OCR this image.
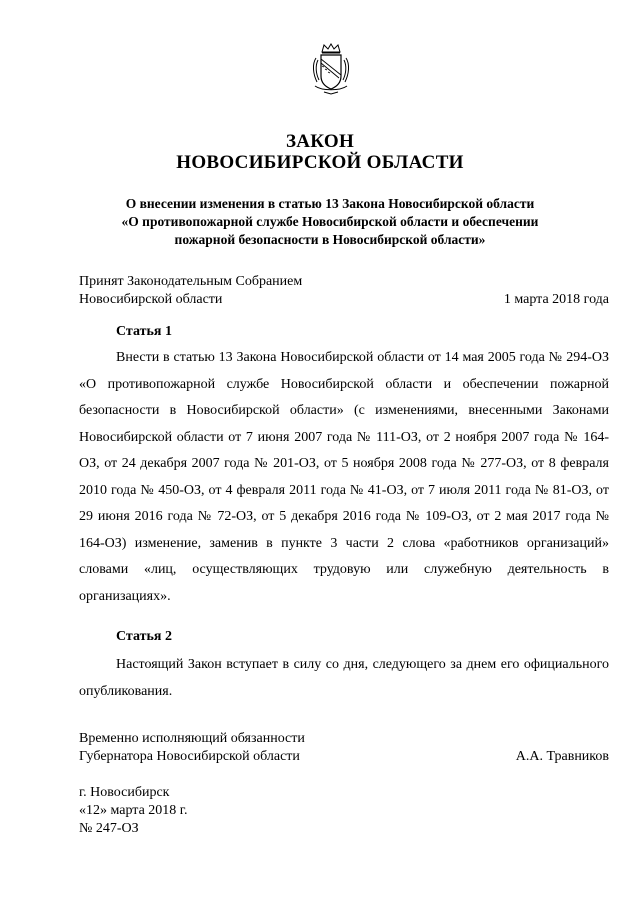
ЗАКОН
НОВОСИБИРСКОЙ ОБЛАСТИ
О внесении изменения в статью 13 Закона Новосибирской области
«О противопожарной службе Новосибирской области и обеспечении
пожарной безопасности в Новосибирской области»
Принят Законодательным Собранием
Новосибирской области	1 марта 2018 года
Статья 1
Внести в статью 13 Закона Новосибирской области от 14 мая 2005 года № 294-ОЗ «О противопожарной службе Новосибирской области и обеспечении пожарной безопасности в Новосибирской области» (с изменениями, внесенными Законами Новосибирской области от 7 июня 2007 года № 111-ОЗ, от 2 ноября 2007 года № 164-ОЗ, от 24 декабря 2007 года № 201-ОЗ, от 5 ноября 2008 года № 277-ОЗ, от 8 февраля 2010 года № 450-ОЗ, от 4 февраля 2011 года № 41-ОЗ, от 7 июля 2011 года № 81-ОЗ, от 29 июня 2016 года № 72-ОЗ, от 5 декабря 2016 года № 109-ОЗ, от 2 мая 2017 года № 164-ОЗ) изменение, заменив в пункте 3 части 2 слова «работников организаций» словами «лиц, осуществляющих трудовую или служебную деятельность в организациях».
Статья 2
Настоящий Закон вступает в силу со дня, следующего за днем его официального опубликования.
Временно исполняющий обязанности
Губернатора Новосибирской области	А.А. Травников
г. Новосибирск
«12» марта 2018 г.
№ 247-ОЗ
